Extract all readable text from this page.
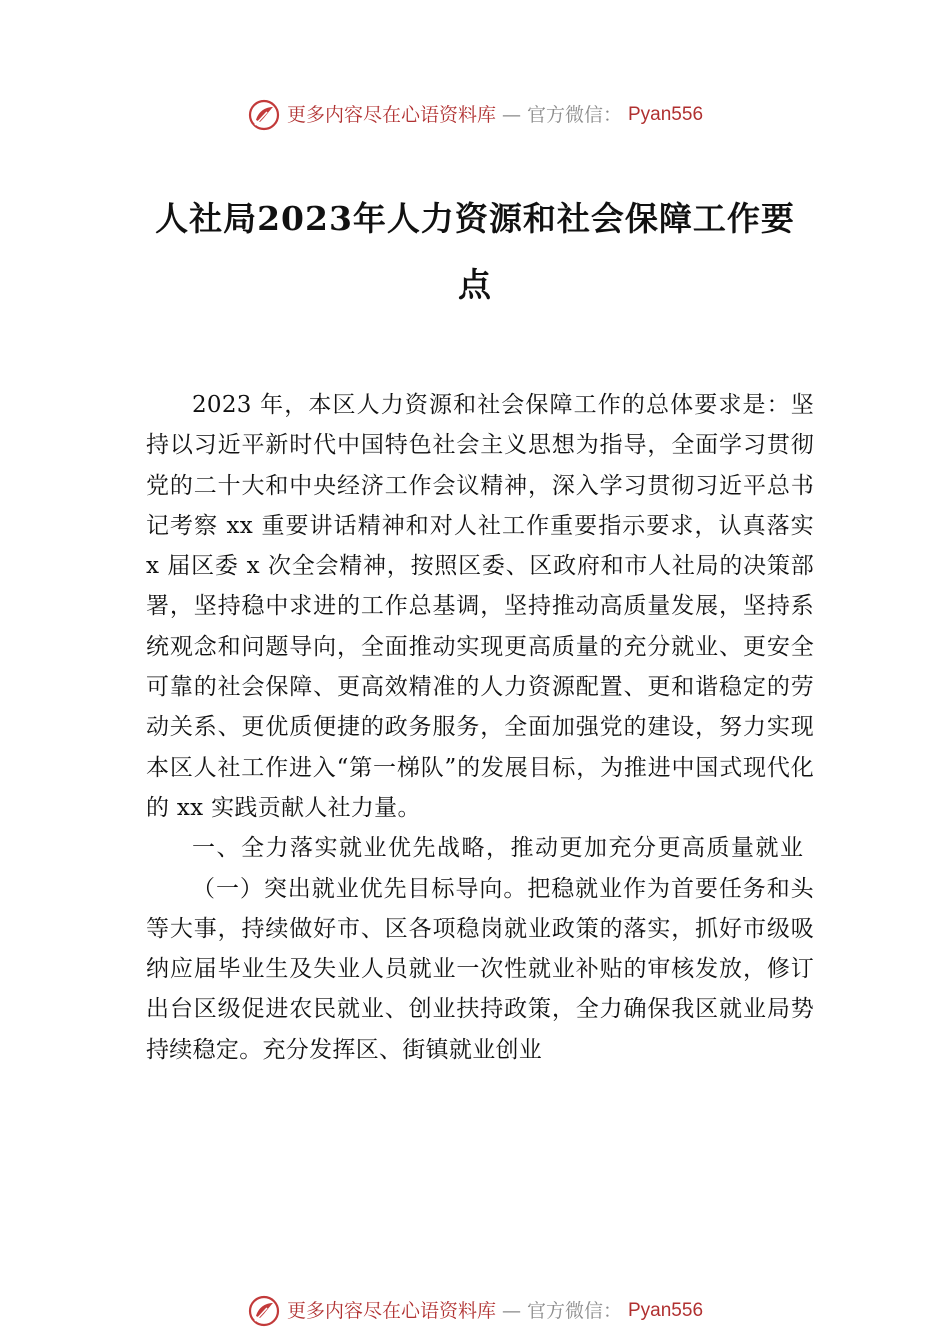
更多内容尽在心语资料库 — 官方微信： Pyan556
人社局2023年人力资源和社会保障工作要点

2023 年，本区人力资源和社会保障工作的总体要求是：坚持以习近平新时代中国特色社会主义思想为指导，全面学习贯彻党的二十大和中央经济工作会议精神，深入学习贯彻习近平总书记考察 xx 重要讲话精神和对人社工作重要指示要求，认真落实 x 届区委 x 次全会精神，按照区委、区政府和市人社局的决策部署，坚持稳中求进的工作总基调，坚持推动高质量发展，坚持系统观念和问题导向，全面推动实现更高质量的充分就业、更安全可靠的社会保障、更高效精准的人力资源配置、更和谐稳定的劳动关系、更优质便捷的政务服务，全面加强党的建设，努力实现本区人社工作进入“第一梯队”的发展目标，为推进中国式现代化的 xx 实践贡献人社力量。

一、全力落实就业优先战略，推动更加充分更高质量就业

（一）突出就业优先目标导向。把稳就业作为首要任务和头等大事，持续做好市、区各项稳岗就业政策的落实，抓好市级吸纳应届毕业生及失业人员就业一次性就业补贴的审核发放，修订出台区级促进农民就业、创业扶持政策，全力确保我区就业局势持续稳定。充分发挥区、街镇就业创业

更多内容尽在心语资料库 — 官方微信： Pyan556
